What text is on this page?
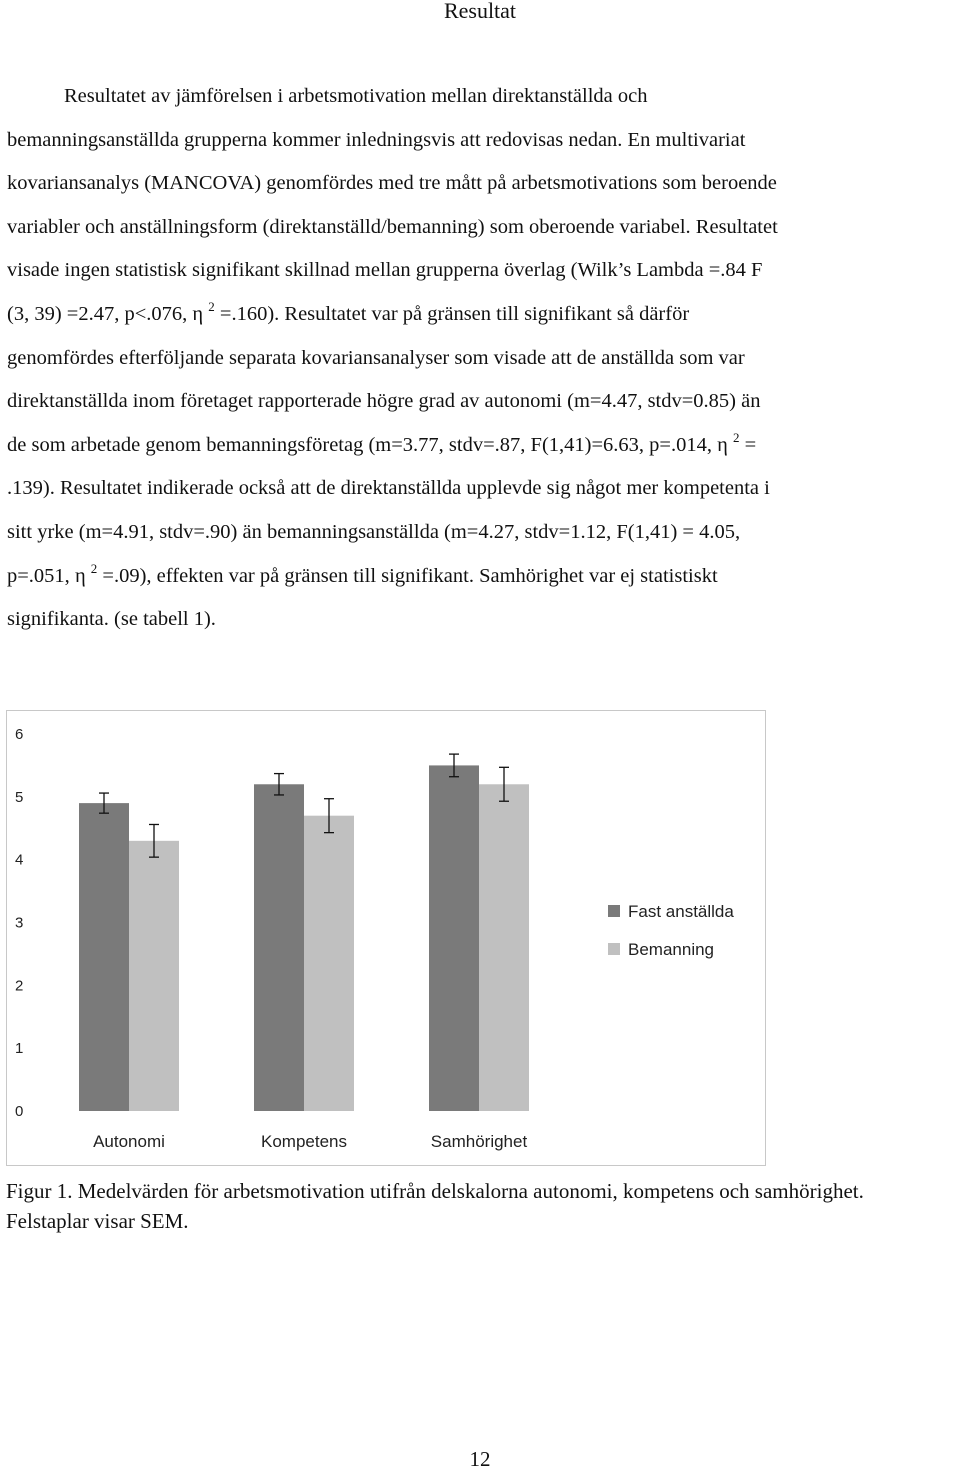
Resultat
Resultatet av jämförelsen i arbetsmotivation mellan direktanställda och
bemanningsanställda grupperna kommer inledningsvis att redovisas nedan. En multivariat
kovariansanalys (MANCOVA) genomfördes med tre mått på arbetsmotivations som beroende
variabler och anställningsform (direktanställd/bemanning) som oberoende variabel. Resultatet
visade ingen statistisk signifikant skillnad mellan grupperna överlag (Wilk’s Lambda =.84 F
(3, 39) =2.47, p<.076, η $^2$ =.160). Resultatet var på gränsen till signifikant så därför
genomfördes efterföljande separata kovariansanalyser som visade att de anställda som var
direktanställda inom företaget rapporterade högre grad av autonomi (m=4.47, stdv=0.85) än
de som arbetade genom bemanningsföretag (m=3.77, stdv=.87, F(1,41)=6.63, p=.014, η $^2$ =
.139). Resultatet indikerade också att de direktanställda upplevde sig något mer kompetenta i
sitt yrke (m=4.91, stdv=.90) än bemanningsanställda (m=4.27, stdv=1.12, F(1,41) = 4.05,
p=.051, η $^2$ =.09), effekten var på gränsen till signifikant. Samhörighet var ej statistiskt
signifikanta. (se tabell 1).
0
1
2
3
4
5
6
Autonomi	Kompetens	Samhörighet
Fast anställda
Bemanning
Figur 1. Medelvärden för arbetsmotivation utifrån delskalorna autonomi, kompetens och samhörighet. Felstaplar visar SEM.
12
